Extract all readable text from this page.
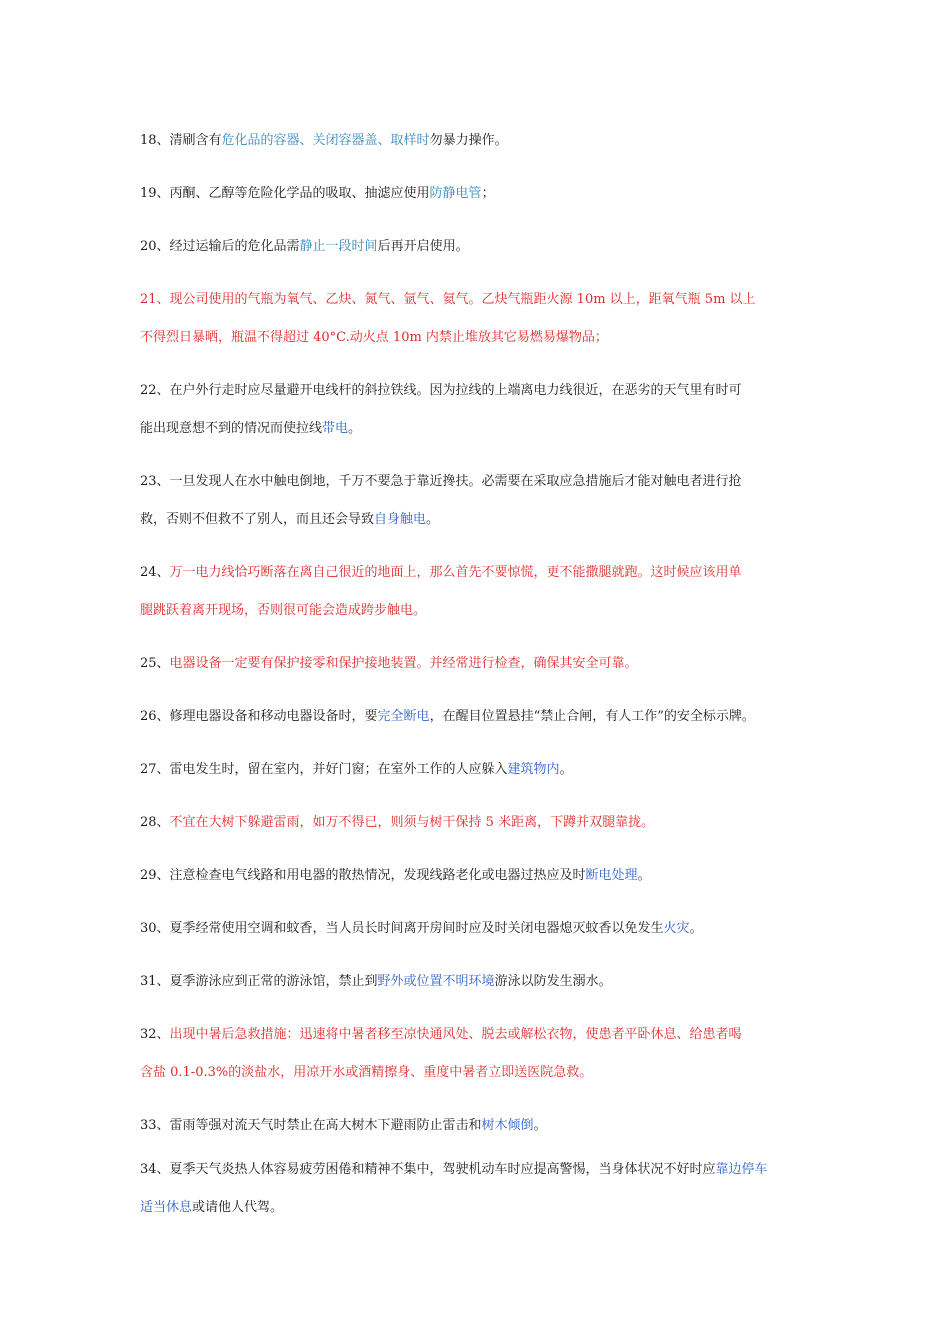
18、清刷含有危化品的容器、关闭容器盖、取样时勿暴力操作。
19、丙酮、乙醇等危险化学品的吸取、抽滤应使用防静电管；
20、经过运输后的危化品需静止一段时间后再开启使用。
21、现公司使用的气瓶为氧气、乙炔、氮气、氩气、氦气。乙炔气瓶距火源 10m 以上，距氧气瓶 5m 以上
不得烈日暴晒，瓶温不得超过 40°C.动火点 10m 内禁止堆放其它易燃易爆物品；
22、在户外行走时应尽量避开电线杆的斜拉铁线。因为拉线的上端离电力线很近，在恶劣的天气里有时可
能出现意想不到的情况而使拉线带电。
23、一旦发现人在水中触电倒地，千万不要急于靠近搀扶。必需要在采取应急措施后才能对触电者进行抢
救，否则不但救不了别人，而且还会导致自身触电。
24、万一电力线恰巧断落在离自己很近的地面上，那么首先不要惊慌，更不能撒腿就跑。这时候应该用单
腿跳跃着离开现场，否则很可能会造成跨步触电。
25、电器设备一定要有保护接零和保护接地装置。并经常进行检查，确保其安全可靠。
26、修理电器设备和移动电器设备时，要完全断电，在醒目位置悬挂“禁止合闸，有人工作”的安全标示牌。
27、雷电发生时，留在室内，并好门窗；在室外工作的人应躲入建筑物内。
28、不宜在大树下躲避雷雨，如万不得已，则须与树干保持 5 米距离，下蹲并双腿靠拢。
29、注意检查电气线路和用电器的散热情况，发现线路老化或电器过热应及时断电处理。
30、夏季经常使用空调和蚊香，当人员长时间离开房间时应及时关闭电器熄灭蚊香以免发生火灾。
31、夏季游泳应到正常的游泳馆，禁止到野外或位置不明环境游泳以防发生溺水。
32、出现中暑后急救措施：迅速将中暑者移至凉快通风处、脱去或解松衣物，使患者平卧休息、给患者喝
含盐 0.1-0.3%的淡盐水，用凉开水或酒精擦身、重度中暑者立即送医院急救。
33、雷雨等强对流天气时禁止在高大树木下避雨防止雷击和树木倾倒。
34、夏季天气炎热人体容易疲劳困倦和精神不集中，驾驶机动车时应提高警惕，当身体状况不好时应靠边停车
适当休息或请他人代驾。
